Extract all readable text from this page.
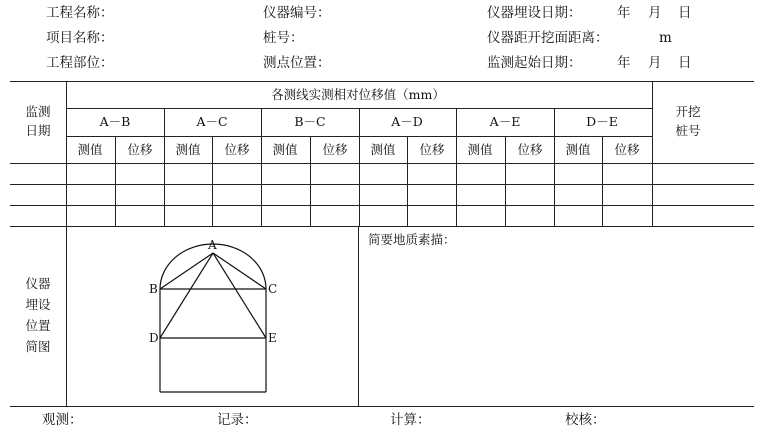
工程名称：	仪器编号：	仪器埋设日期：	年 月 日
项目名称：	桩号：	仪器距开挖面距离：	m
工程部位：	测点位置：	监测起始日期：	年 月 日
监测
日期
各测线实测相对位移值（mm）
A－B	A－C	B－C	A－D	A－E	D－E
测值 位移 测值 位移 测值 位移 测值 位移 测值 位移 测值 位移
开挖
桩号
仪器
埋设
位置
简图
简要地质素描：
A
B	C
D	E
观测：	记录：	计算：	校核：
